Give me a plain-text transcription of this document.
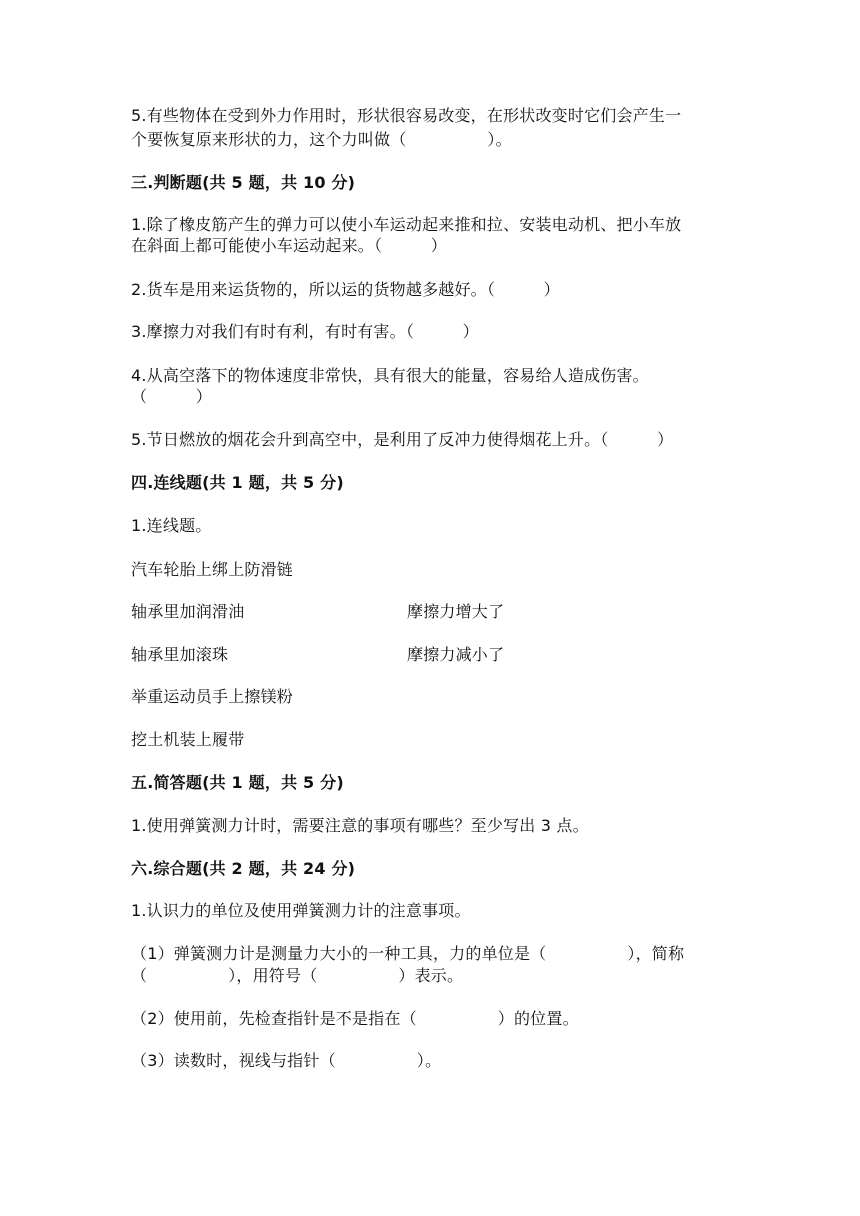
5.有些物体在受到外力作用时，形状很容易改变，在形状改变时它们会产生一
个要恢复原来形状的力，这个力叫做（　　　　　）。
三.判断题(共 5 题，共 10 分)
1.除了橡皮筋产生的弹力可以使小车运动起来推和拉、安装电动机、把小车放
在斜面上都可能使小车运动起来。（　　　）
2.货车是用来运货物的，所以运的货物越多越好。（　　　）
3.摩擦力对我们有时有利，有时有害。（　　　）
4.从高空落下的物体速度非常快，具有很大的能量，容易给人造成伤害。
（　　　）
5.节日燃放的烟花会升到高空中，是利用了反冲力使得烟花上升。（　　　）
四.连线题(共 1 题，共 5 分)
1.连线题。
汽车轮胎上绑上防滑链
轴承里加润滑油	摩擦力增大了
轴承里加滚珠	摩擦力减小了
举重运动员手上擦镁粉
挖土机装上履带
五.简答题(共 1 题，共 5 分)
1.使用弹簧测力计时，需要注意的事项有哪些？至少写出 3 点。
六.综合题(共 2 题，共 24 分)
1.认识力的单位及使用弹簧测力计的注意事项。
（1）弹簧测力计是测量力大小的一种工具，力的单位是（　　　　　），简称
（　　　　　），用符号（　　　　　）表示。
（2）使用前，先检查指针是不是指在（　　　　　）的位置。
（3）读数时，视线与指针（　　　　　）。
